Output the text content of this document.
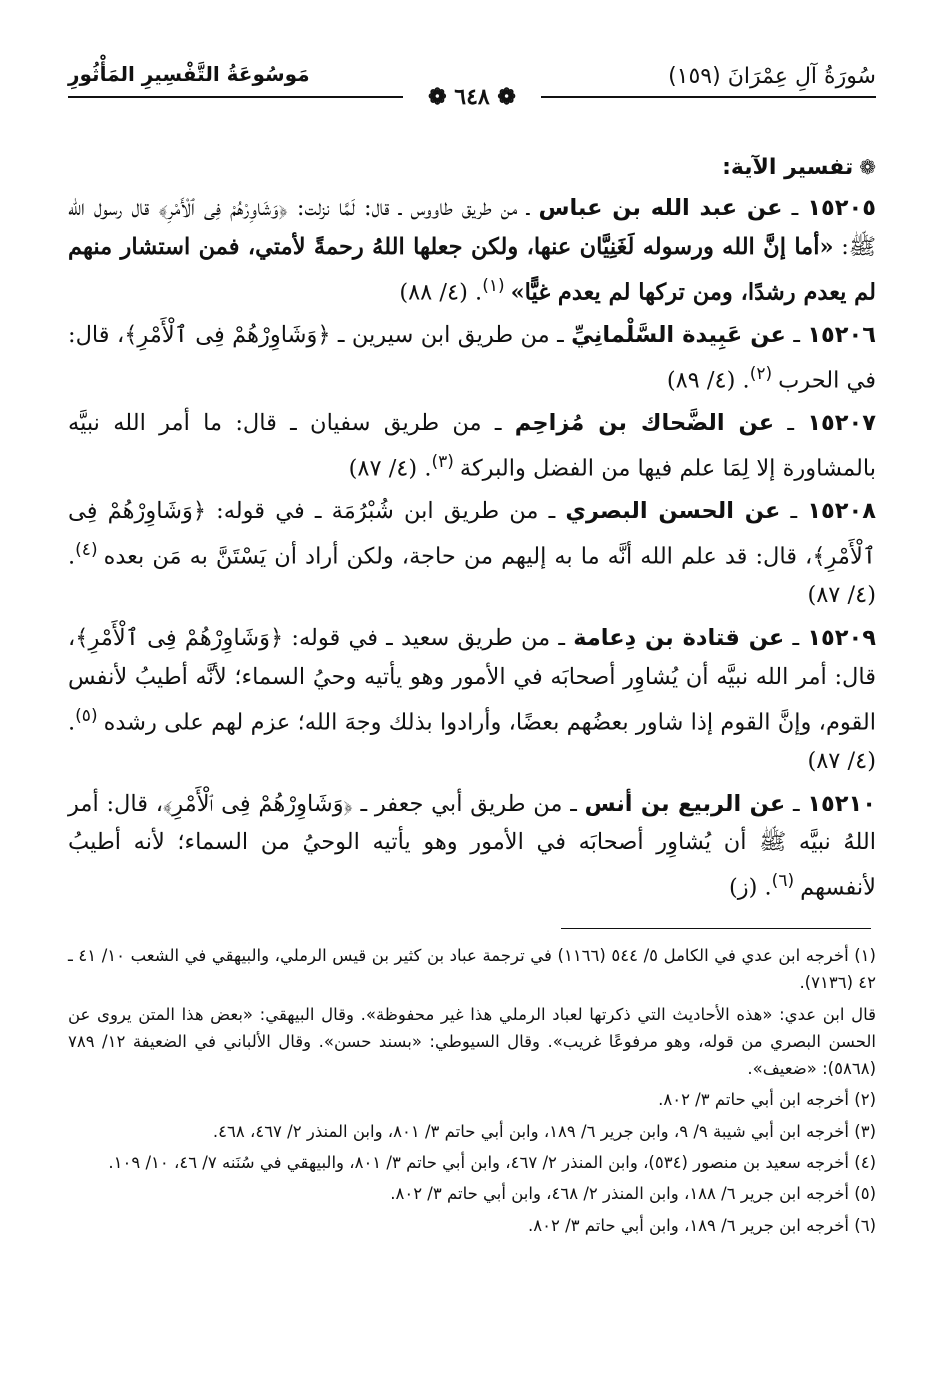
سُورَةُ آلِ عِمْرَانَ (١٥٩)
مَوسُوعَةُ التَّفْسِيرِ المَأْثُورِ
❁ ٦٤٨ ❁
❁تفسير الآية:

١٥٢٠٥ ـ عن عبد الله بن عباس ـ من طريق طاووس ـ قال: لَمَّا نزلت: ﴿وَشَاوِرْهُمْ فِى ٱلْأَمْرِ﴾ قال رسول الله ﷺ: «أما إنَّ الله ورسوله لَغَنِيَّان عنها، ولكن جعلها اللهُ رحمةً لأمتي، فمن استشار منهم لم يعدم رشدًا، ومن تركها لم يعدم غيًّا»$^{(١)}$. (٤/ ٨٨)

١٥٢٠٦ ـ عن عَبِيدة السَّلْمانِيِّ ـ من طريق ابن سيرين ـ ﴿وَشَاوِرْهُمْ فِى ٱلْأَمْرِ﴾، قال: في الحرب$^{(٢)}$. (٤/ ٨٩)

١٥٢٠٧ ـ عن الضَّحاك بن مُزاحِم ـ من طريق سفيان ـ قال: ما أمر الله نبيَّه بالمشاورة إلا لِمَا علم فيها من الفضل والبركة$^{(٣)}$. (٤/ ٨٧)

١٥٢٠٨ ـ عن الحسن البصري ـ من طريق ابن شُبْرُمَة ـ في قوله: ﴿وَشَاوِرْهُمْ فِى ٱلْأَمْرِ﴾، قال: قد علم الله أنَّه ما به إليهم من حاجة، ولكن أراد أن يَسْتَنَّ به مَن بعده$^{(٤)}$. (٤/ ٨٧)

١٥٢٠٩ ـ عن قتادة بن دِعامة ـ من طريق سعيد ـ في قوله: ﴿وَشَاوِرْهُمْ فِى ٱلْأَمْرِ﴾، قال: أمر الله نبيَّه أن يُشاوِر أصحابَه في الأمور وهو يأتيه وحيُ السماء؛ لأنَّه أطيبُ لأنفس القوم، وإنَّ القوم إذا شاور بعضُهم بعضًا، وأرادوا بذلك وجهَ الله؛ عزم لهم على رشده$^{(٥)}$. (٤/ ٨٧)

١٥٢١٠ ـ عن الربيع بن أنس ـ من طريق أبي جعفر ـ ﴿وَشَاوِرْهُمْ فِى ٱلْأَمْرِ﴾، قال: أمر اللهُ نبيَّه ﷺ أن يُشاوِر أصحابَه في الأمور وهو يأتيه الوحيُ من السماء؛ لأنه أطيبُ لأنفسهم$^{(٦)}$. (ز)

(١) أخرجه ابن عدي في الكامل ٥/ ٥٤٤ (١١٦٦) في ترجمة عباد بن كثير بن قيس الرملي، والبيهقي في الشعب ١٠/ ٤١ ـ ٤٢ (٧١٣٦).

قال ابن عدي: «هذه الأحاديث التي ذكرتها لعباد الرملي هذا غير محفوظة». وقال البيهقي: «بعض هذا المتن يروى عن الحسن البصري من قوله، وهو مرفوعًا غريب». وقال السيوطي: «بسند حسن». وقال الألباني في الضعيفة ١٢/ ٧٨٩ (٥٨٦٨): «ضعيف».

(٢) أخرجه ابن أبي حاتم ٣/ ٨٠٢.

(٣) أخرجه ابن أبي شيبة ٩/ ٩، وابن جرير ٦/ ١٨٩، وابن أبي حاتم ٣/ ٨٠١، وابن المنذر ٢/ ٤٦٧، ٤٦٨.

(٤) أخرجه سعيد بن منصور (٥٣٤)، وابن المنذر ٢/ ٤٦٧، وابن أبي حاتم ٣/ ٨٠١، والبيهقي في سُنَنه ٧/ ٤٦، ١٠/ ١٠٩.

(٥) أخرجه ابن جرير ٦/ ١٨٨، وابن المنذر ٢/ ٤٦٨، وابن أبي حاتم ٣/ ٨٠٢.

(٦) أخرجه ابن جرير ٦/ ١٨٩، وابن أبي حاتم ٣/ ٨٠٢.
